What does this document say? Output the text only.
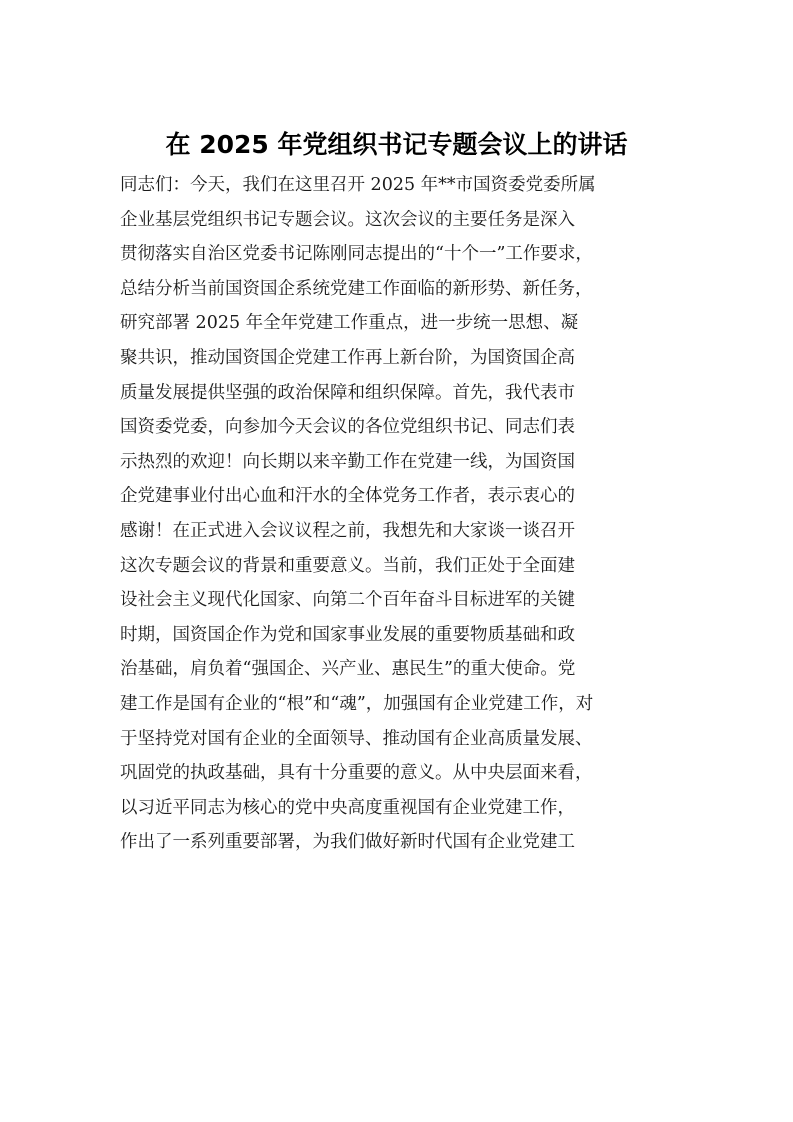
在 2025 年党组织书记专题会议上的讲话
同志们：今天，我们在这里召开 2025 年**市国资委党委所属
企业基层党组织书记专题会议。这次会议的主要任务是深入
贯彻落实自治区党委书记陈刚同志提出的“十个一”工作要求，
总结分析当前国资国企系统党建工作面临的新形势、新任务，
研究部署 2025 年全年党建工作重点，进一步统一思想、凝
聚共识，推动国资国企党建工作再上新台阶，为国资国企高
质量发展提供坚强的政治保障和组织保障。首先，我代表市
国资委党委，向参加今天会议的各位党组织书记、同志们表
示热烈的欢迎！向长期以来辛勤工作在党建一线，为国资国
企党建事业付出心血和汗水的全体党务工作者，表示衷心的
感谢！在正式进入会议议程之前，我想先和大家谈一谈召开
这次专题会议的背景和重要意义。当前，我们正处于全面建
设社会主义现代化国家、向第二个百年奋斗目标进军的关键
时期，国资国企作为党和国家事业发展的重要物质基础和政
治基础，肩负着“强国企、兴产业、惠民生”的重大使命。党
建工作是国有企业的“根”和“魂”，加强国有企业党建工作，对
于坚持党对国有企业的全面领导、推动国有企业高质量发展、
巩固党的执政基础，具有十分重要的意义。从中央层面来看，
以习近平同志为核心的党中央高度重视国有企业党建工作，
作出了一系列重要部署，为我们做好新时代国有企业党建工
